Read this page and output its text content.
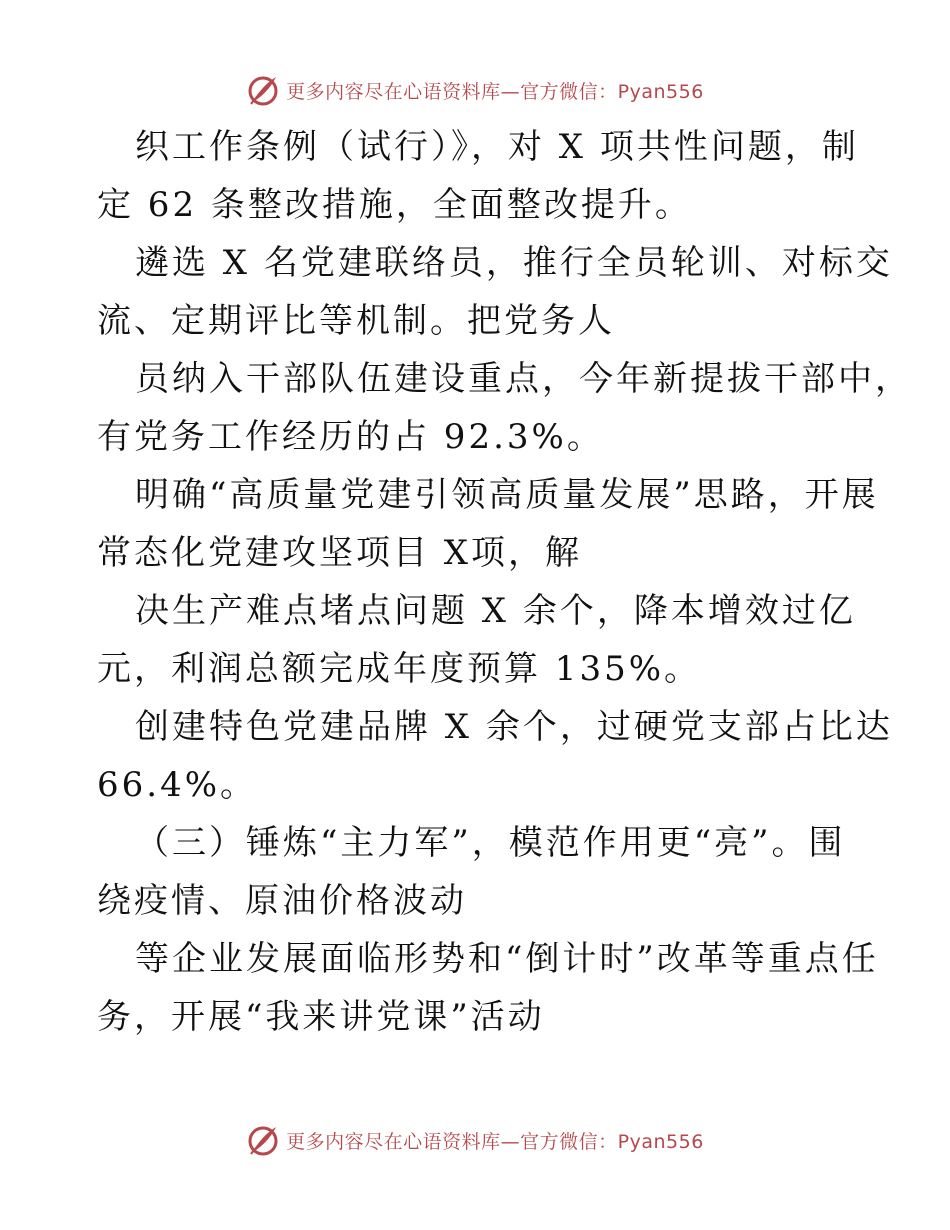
更多内容尽在心语资料库—官方微信：Pyan556
织工作条例（试行）》，对 X 项共性问题，制
定 62 条整改措施，全面整改提升。
遴选 X 名党建联络员，推行全员轮训、对标交
流、定期评比等机制。把党务人
员纳入干部队伍建设重点，今年新提拔干部中，
有党务工作经历的占 92.3%。
明确“高质量党建引领高质量发展”思路，开展
常态化党建攻坚项目 X项，解
决生产难点堵点问题 X 余个，降本增效过亿
元，利润总额完成年度预算 135%。
创建特色党建品牌 X 余个，过硬党支部占比达
66.4%。
（三）锤炼“主力军”，模范作用更“亮”。围
绕疫情、原油价格波动
等企业发展面临形势和“倒计时”改革等重点任
务，开展“我来讲党课”活动
更多内容尽在心语资料库—官方微信：Pyan556
